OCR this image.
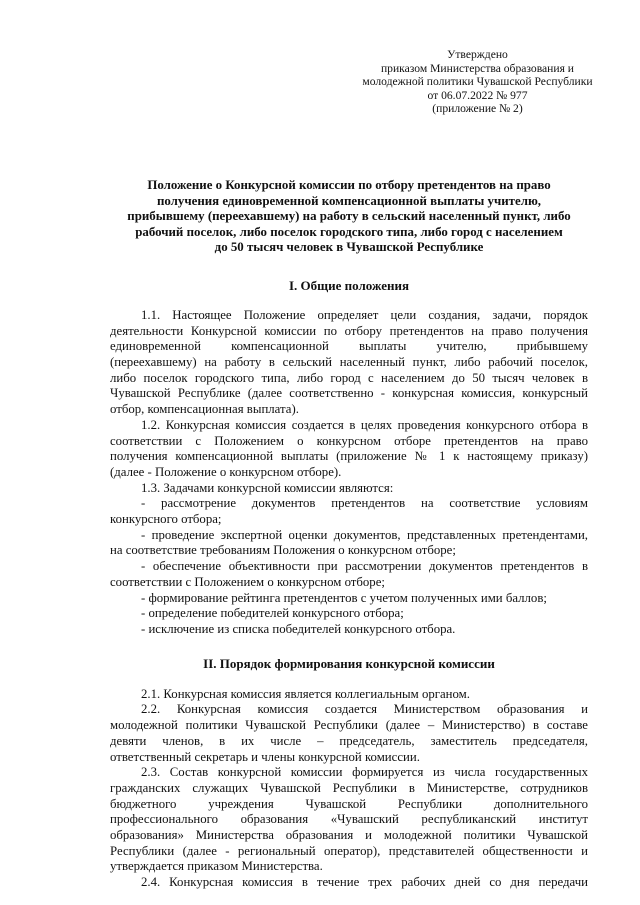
Утверждено
приказом Министерства образования и
молодежной политики Чувашской Республики
от 06.07.2022 № 977
(приложение № 2)
Положение о Конкурсной комиссии по отбору претендентов на право
получения единовременной компенсационной выплаты учителю,
прибывшему (переехавшему) на работу в сельский населенный пункт, либо
рабочий поселок, либо поселок городского типа, либо город с населением
до 50 тысяч человек в Чувашской Республике
I. Общие положения
1.1. Настоящее Положение определяет цели создания, задачи, порядок
деятельности Конкурсной комиссии по отбору претендентов на право получения
единовременной компенсационной выплаты учителю, прибывшему
(переехавшему) на работу в сельский населенный пункт, либо рабочий поселок,
либо поселок городского типа, либо город с населением до 50 тысяч человек в
Чувашской Республике (далее соответственно - конкурсная комиссия, конкурсный
отбор, компенсационная выплата).
1.2. Конкурсная комиссия создается в целях проведения конкурсного отбора в
соответствии с Положением о конкурсном отборе претендентов на право
получения компенсационной выплаты (приложение № 1 к настоящему приказу)
(далее - Положение о конкурсном отборе).
1.3. Задачами конкурсной комиссии являются:
- рассмотрение документов претендентов на соответствие условиям
конкурсного отбора;
- проведение экспертной оценки документов, представленных претендентами,
на соответствие требованиям Положения о конкурсном отборе;
- обеспечение объективности при рассмотрении документов претендентов в
соответствии с Положением о конкурсном отборе;
- формирование рейтинга претендентов с учетом полученных ими баллов;
- определение победителей конкурсного отбора;
- исключение из списка победителей конкурсного отбора.
II. Порядок формирования конкурсной комиссии
2.1. Конкурсная комиссия является коллегиальным органом.
2.2. Конкурсная комиссия создается Министерством образования и
молодежной политики Чувашской Республики (далее – Министерство) в составе
девяти членов, в их числе – председатель, заместитель председателя,
ответственный секретарь и члены конкурсной комиссии.
2.3. Состав конкурсной комиссии формируется из числа государственных
гражданских служащих Чувашской Республики в Министерстве, сотрудников
бюджетного учреждения Чувашской Республики дополнительного
профессионального образования «Чувашский республиканский институт
образования» Министерства образования и молодежной политики Чувашской
Республики (далее - региональный оператор), представителей общественности и
утверждается приказом Министерства.
2.4. Конкурсная комиссия в течение трех рабочих дней со дня передачи
